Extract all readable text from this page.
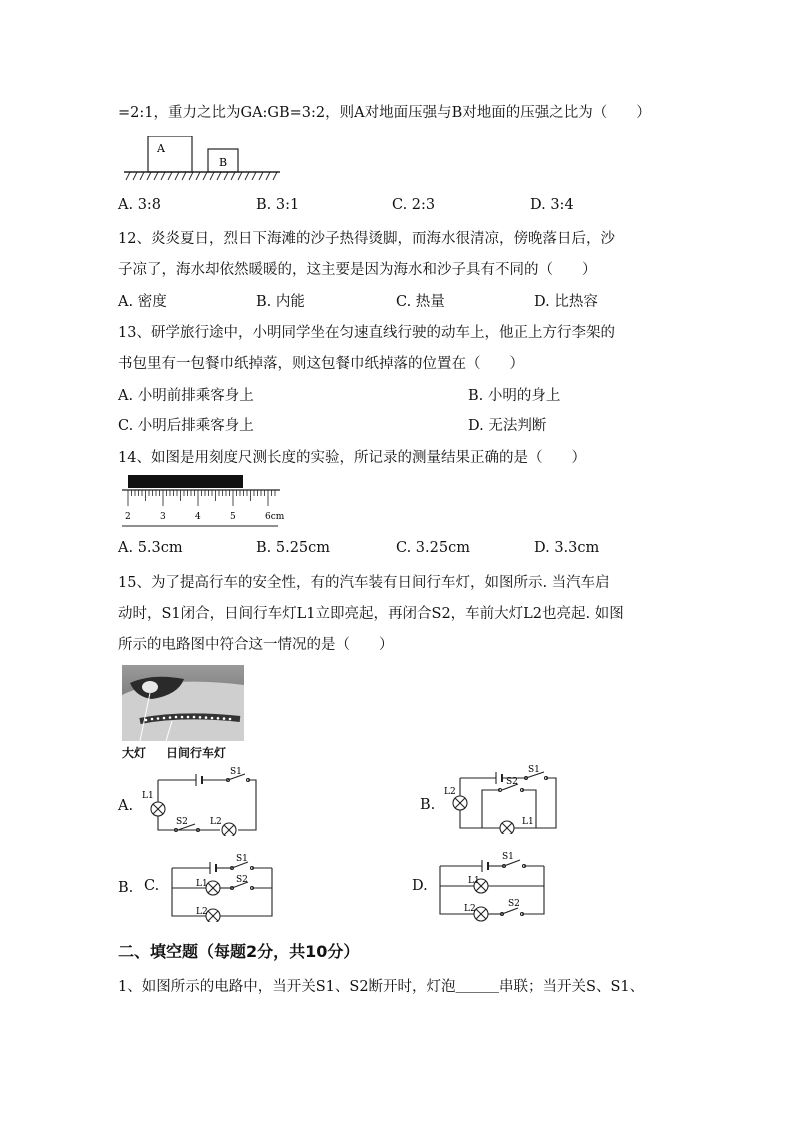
=2:1，重力之比为GA:GB=3:2，则A对地面压强与B对地面的压强之比为（　　）
A
B
A. 3:8	B. 3:1	C. 2:3	D. 3:4
12、炎炎夏日，烈日下海滩的沙子热得烫脚，而海水很清凉，傍晚落日后，沙
子凉了，海水却依然暖暖的，这主要是因为海水和沙子具有不同的（　　）
A. 密度	B. 内能	C. 热量	D. 比热容
13、研学旅行途中，小明同学坐在匀速直线行驶的动车上，他正上方行李架的
书包里有一包餐巾纸掉落，则这包餐巾纸掉落的位置在（　　）
A. 小明前排乘客身上	B. 小明的身上
C. 小明后排乘客身上	D. 无法判断
14、如图是用刻度尺测长度的实验，所记录的测量结果正确的是（　　）
2	3	4	5	6cm
A. 5.3cm	B. 5.25cm	C. 3.25cm	D. 3.3cm
15、为了提高行车的安全性，有的汽车装有日间行车灯，如图所示. 当汽车启
动时，S1闭合，日间行车灯L1立即亮起，再闭合S2，车前大灯L2也亮起. 如图
所示的电路图中符合这一情况的是（　　）
大灯 日间行车灯
A.
S1
L1
S2 L2
B.
S1
L2
S2
L1
B. C.
S1
L1	S2
L2
D.
S1
L1
L2	S2
二、填空题（每题2分，共10分）
1、如图所示的电路中，当开关S1、S2断开时，灯泡＿＿＿串联；当开关S、S1、
